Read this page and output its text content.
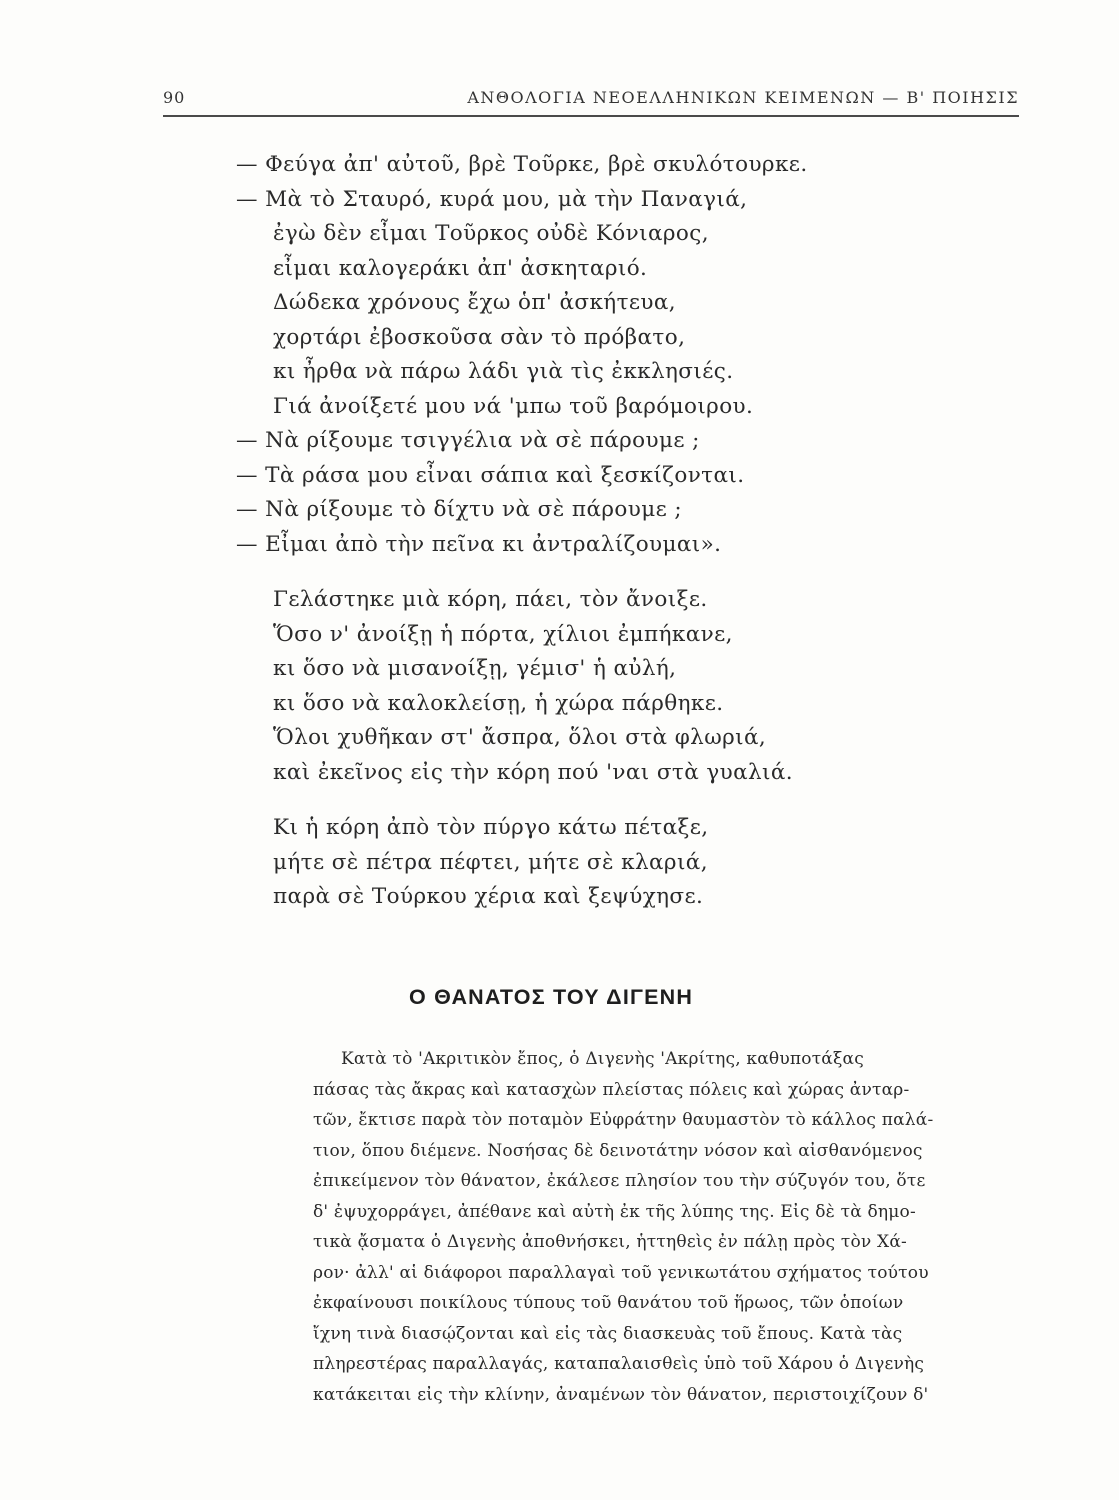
90	ΑΝΘΟΛΟΓΙΑ ΝΕΟΕΛΛΗΝΙΚΩΝ ΚΕΙΜΕΝΩΝ — Β' ΠΟΙΗΣΙΣ
— Φεύγα ἀπ' αὐτοῦ, βρὲ Τοῦρκε, βρὲ σκυλότουρκε.
— Μὰ τὸ Σταυρό, κυρά μου, μὰ τὴν Παναγιά,
ἐγὼ δὲν εἶμαι Τοῦρκος οὐδὲ Κόνιαρος,
εἶμαι καλογεράκι ἀπ' ἀσκηταριό.
Δώδεκα χρόνους ἔχω ὁπ' ἀσκήτευα,
χορτάρι ἐβοσκοῦσα σὰν τὸ πρόβατο,
κι ἦρθα νὰ πάρω λάδι γιὰ τὶς ἐκκλησιές.
Γιά ἀνοίξετέ μου νά 'μπω τοῦ βαρόμοιρου.
— Νὰ ρίξουμε τσιγγέλια νὰ σὲ πάρουμε ;
— Τὰ ράσα μου εἶναι σάπια καὶ ξεσκίζονται.
— Νὰ ρίξουμε τὸ δίχτυ νὰ σὲ πάρουμε ;
— Εἶμαι ἀπὸ τὴν πεῖνα κι ἀντραλίζουμαι».
Γελάστηκε μιὰ κόρη, πάει, τὸν ἄνοιξε.
Ὅσο ν' ἀνοίξῃ ἡ πόρτα, χίλιοι ἐμπήκανε,
κι ὅσο νὰ μισανοίξῃ, γέμισ' ἡ αὐλή,
κι ὅσο νὰ καλοκλείσῃ, ἡ χώρα πάρθηκε.
Ὅλοι χυθῆκαν στ' ἄσπρα, ὅλοι στὰ φλωριά,
καὶ ἐκεῖνος εἰς τὴν κόρη πού 'ναι στὰ γυαλιά.
Κι ἡ κόρη ἀπὸ τὸν πύργο κάτω πέταξε,
μήτε σὲ πέτρα πέφτει, μήτε σὲ κλαριά,
παρὰ σὲ Τούρκου χέρια καὶ ξεψύχησε.
Ο ΘΑΝΑΤΟΣ ΤΟΥ ΔΙΓΕΝΗ
Κατὰ τὸ 'Ακριτικὸν ἔπος, ὁ Διγενὴς 'Ακρίτης, καθυποτάξας
πάσας τὰς ἄκρας καὶ κατασχὼν πλείστας πόλεις καὶ χώρας ἀνταρ-
τῶν, ἔκτισε παρὰ τὸν ποταμὸν Εὐφράτην θαυμαστὸν τὸ κάλλος παλά-
τιον, ὅπου διέμενε. Νοσήσας δὲ δεινοτάτην νόσον καὶ αἰσθανόμενος
ἐπικείμενον τὸν θάνατον, ἐκάλεσε πλησίον του τὴν σύζυγόν του, ὅτε
δ' ἐψυχορράγει, ἀπέθανε καὶ αὐτὴ ἐκ τῆς λύπης της. Εἰς δὲ τὰ δημο-
τικὰ ᾄσματα ὁ Διγενὴς ἀποθνήσκει, ἡττηθεὶς ἐν πάλῃ πρὸς τὸν Χά-
ρον· ἀλλ' αἱ διάφοροι παραλλαγαὶ τοῦ γενικωτάτου σχήματος τούτου
ἐκφαίνουσι ποικίλους τύπους τοῦ θανάτου τοῦ ἥρωος, τῶν ὁποίων
ἴχνη τινὰ διασῴζονται καὶ εἰς τὰς διασκευὰς τοῦ ἔπους. Κατὰ τὰς
πληρεστέρας παραλλαγάς, καταπαλαισθεὶς ὑπὸ τοῦ Χάρου ὁ Διγενὴς
κατάκειται εἰς τὴν κλίνην, ἀναμένων τὸν θάνατον, περιστοιχίζουν δ'
